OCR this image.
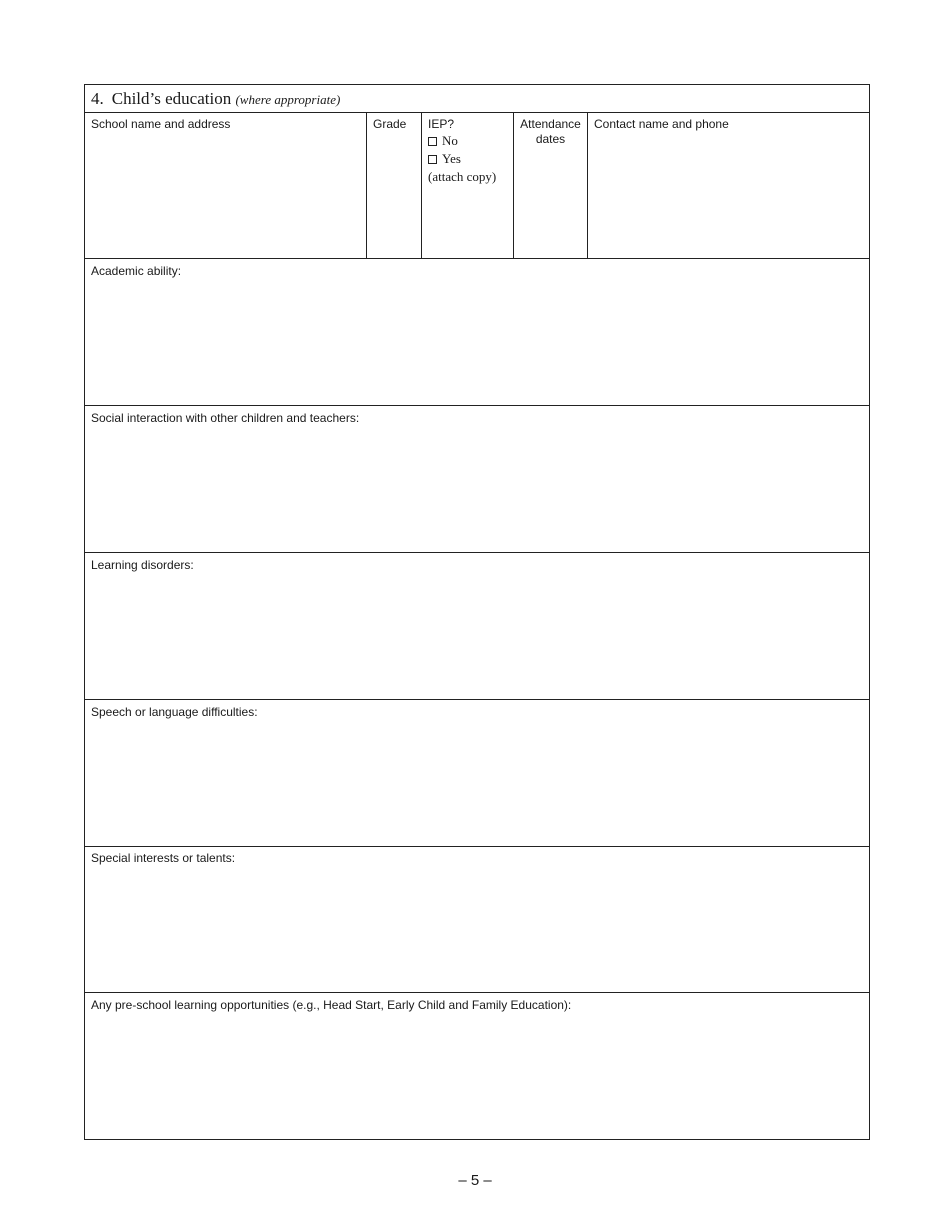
4. Child’s education (where appropriate)
School name and address	Grade	IEP?
No
Yes
(attach copy)
Attendance
dates
Contact name and phone
Academic ability:
Social interaction with other children and teachers:
Learning disorders:
Speech or language difficulties:
Special interests or talents:
Any pre-school learning opportunities (e.g., Head Start, Early Child and Family Education):
– 5 –
